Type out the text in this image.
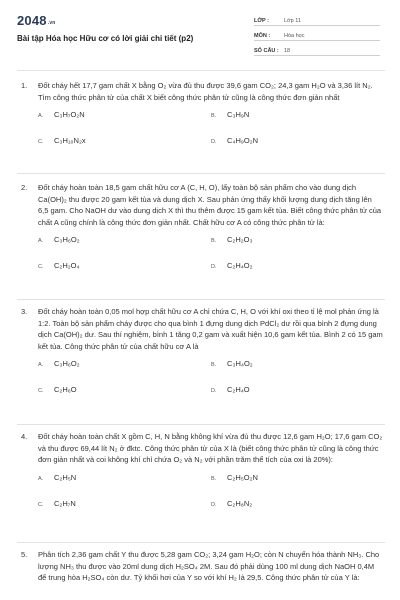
$2048^{.vn}$
Bài tập Hóa học Hữu cơ có lời giải chi tiết (p2)
LỚP :	Lớp 11
MÔN :	Hóa học
SỐ CÂU : 18
1. Đốt cháy hết 17,7 gam chất X bằng O₂ vừa đủ thu được 39,6 gam CO₂; 24,3 gam H₂O và 3,36 lít N₂. Tìm công thức phân tử của chất X biết công thức phân tử cũng là công thức đơn giản nhất
A. C₃H₇O₂N	B. C₃H₉N
C. C₃H₁₀N₂x	D. C₄H₉O₂N
2. Đốt cháy hoàn toàn 18,5 gam chất hữu cơ A (C, H, O), lấy toàn bộ sản phẩm cho vào dung dịch Ca(OH)₂ thu được 20 gam kết tủa và dung dịch X. Sau phản ứng thấy khối lượng dung dịch tăng lên 6,5 gam. Cho NaOH dư vào dung dịch X thì thu thêm được 15 gam kết tủa. Biết công thức phân tử của chất A cũng chính là công thức đơn giản nhất. Chất hữu cơ A có công thức phân tử là:
A. C₃H₆O₂	B. C₂H₂O₃
C. C₂H₂O₄	D. C₂H₄O₂
3. Đốt cháy hoàn toàn 0,05 mol hợp chất hữu cơ A chỉ chứa C, H, O với khí oxi theo tỉ lệ mol phản ứng là 1:2. Toàn bộ sản phẩm cháy được cho qua bình 1 đựng dung dịch PdCl₂ dư rồi qua bình 2 đựng dung dịch Ca(OH)₂ dư. Sau thí nghiệm, bình 1 tăng 0,2 gam và xuất hiện 10,6 gam kết tủa. Bình 2 có 15 gam kết tủa. Công thức phân tử của chất hữu cơ A là
A. C₃H₆O₂	B. C₃H₄O₂
C. C₂H₆O	D. C₂H₄O
4. Đốt cháy hoàn toàn chất X gồm C, H, N bằng không khí vừa đủ thu được 12,6 gam H₂O; 17,6 gam CO₂ và thu được 69,44 lít N₂ ở đktc. Công thức phân tử của X là (biết công thức phân tử cũng là công thức đơn giản nhất và coi không khí chỉ chứa O₂ và N₂ với phần trăm thể tích của oxi là 20%):
A. C₂H₅N	B. C₂H₅O₂N
C. C₂H₇N	D. C₂H₈N₂
5. Phân tích 2,36 gam chất Y thu được 5,28 gam CO₂; 3,24 gam H₂O; còn N chuyển hóa thành NH₃. Cho lượng NH₃ thu được vào 20ml dung dịch H₂SO₄ 2M. Sau đó phải dùng 100 ml dung dịch NaOH 0,4M để trung hòa H₂SO₄ còn dư. Tỷ khối hơi của Y so với khí H₂ là 29,5. Công thức phân tử của Y là:
